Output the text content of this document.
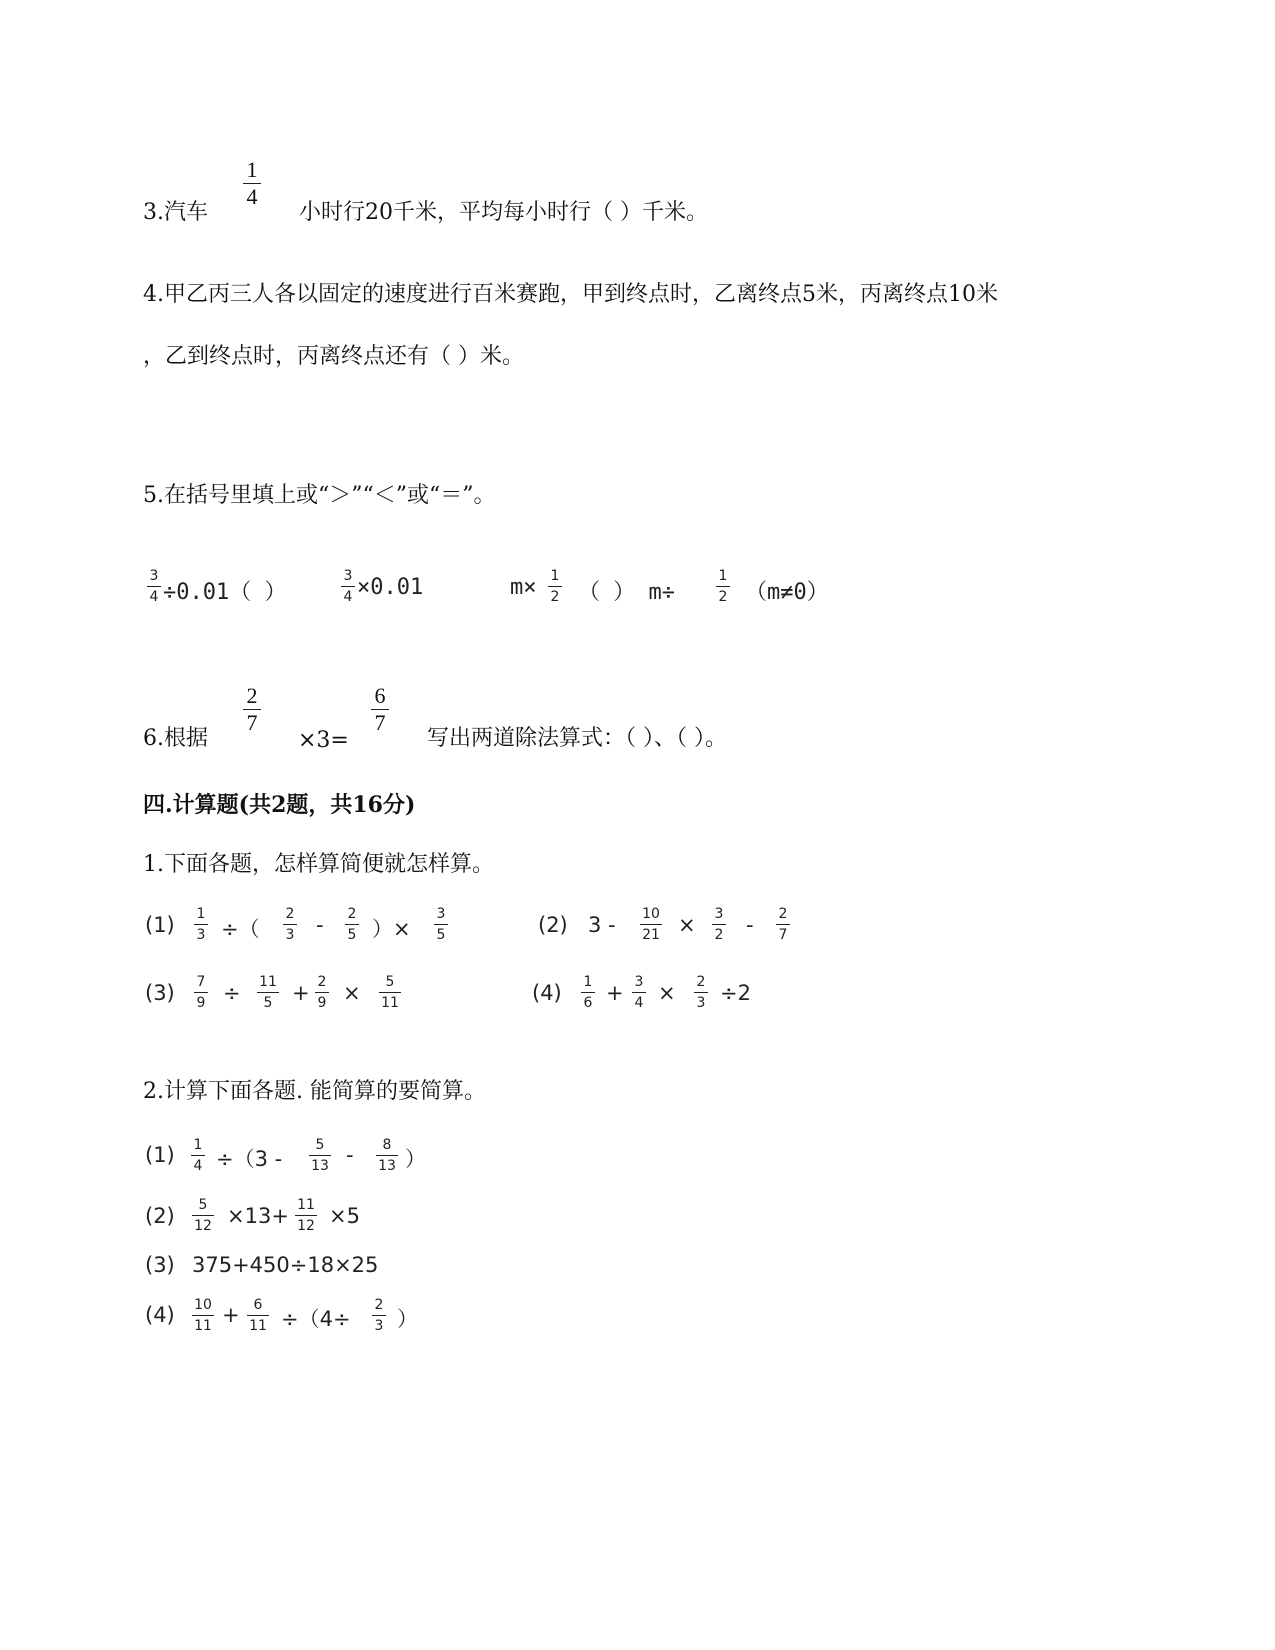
3.汽车
1
4
小时行20千米，平均每小时行（ ）千米。
4.甲乙丙三人各以固定的速度进行百米赛跑，甲到终点时，乙离终点5米，丙离终点10米
，乙到终点时，丙离终点还有（ ）米。
5.在括号里填上或“＞”“＜”或“＝”。
3
4 ÷0.01（ ）
3
4 ×0.01	m× 1
2 （ ） m÷
1
2 （m≠0）
6.根据
2
7
×3=
6
7
写出两道除法算式：（ ）、（ ）。
四.计算题(共2题，共16分)
1.下面各题，怎样算简便就怎样算。
(1) 1
3 ÷（
2
3 - 2
5 ）×
3
5	(2) 3 - 10
21 × 3
2 - 2
7
(3) 7
9 ÷ 11
5 + 2
9 ×	5
11	(4) 1
6 + 3
4 × 2
3 ÷2
2.计算下面各题. 能简算的要简算。
(1) 1
4 ÷（3 -
5
13 -	8
13 ）
(2)	5
12 ×13+ 11
12 ×5
(3) 375+450÷18×25
(4) 10
11 + 6
11 ÷（4÷
2
3 ）
